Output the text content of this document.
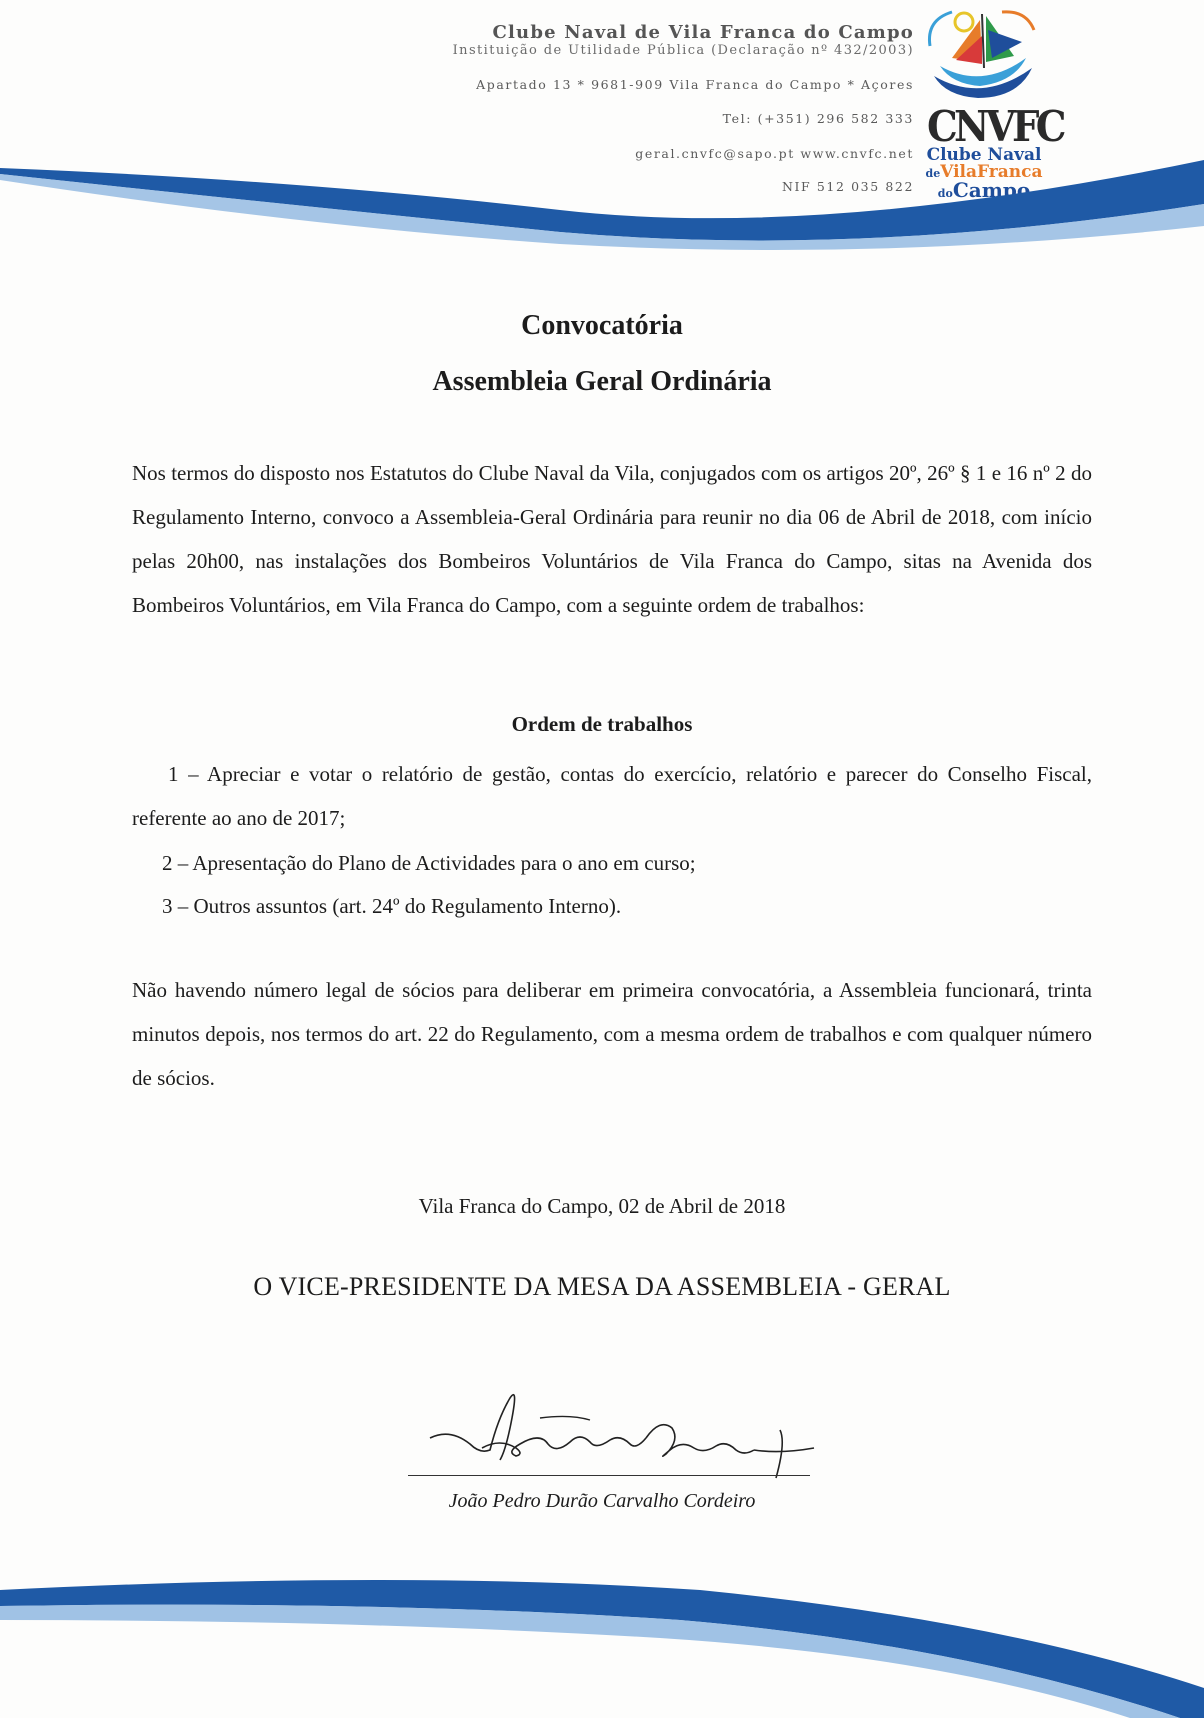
Clube Naval de Vila Franca do Campo
Instituição de Utilidade Pública (Declaração nº 432/2003)
Apartado 13 * 9681-909 Vila Franca do Campo * Açores
Tel: (+351) 296 582 333
geral.cnvfc@sapo.pt www.cnvfc.net
NIF 512 035 822
CNVFC
Clube Naval
deVilaFranca
doCampo
Convocatória
Assembleia Geral Ordinária

Nos termos do disposto nos Estatutos do Clube Naval da Vila, conjugados com os artigos 20º, 26º § 1 e 16 nº 2 do Regulamento Interno, convoco a Assembleia-Geral Ordinária para reunir no dia 06 de Abril de 2018, com início pelas 20h00, nas instalações dos Bombeiros Voluntários de Vila Franca do Campo, sitas na Avenida dos Bombeiros Voluntários, em Vila Franca do Campo, com a seguinte ordem de trabalhos:

Ordem de trabalhos

1 – Apreciar e votar o relatório de gestão, contas do exercício, relatório e parecer do Conselho Fiscal, referente ao ano de 2017;

2 – Apresentação do Plano de Actividades para o ano em curso;
3 – Outros assuntos (art. 24º do Regulamento Interno).

Não havendo número legal de sócios para deliberar em primeira convocatória, a Assembleia funcionará, trinta minutos depois, nos termos do art. 22 do Regulamento, com a mesma ordem de trabalhos e com qualquer número de sócios.

Vila Franca do Campo, 02 de Abril de 2018
O VICE-PRESIDENTE DA MESA DA ASSEMBLEIA - GERAL
João Pedro Durão Carvalho Cordeiro
